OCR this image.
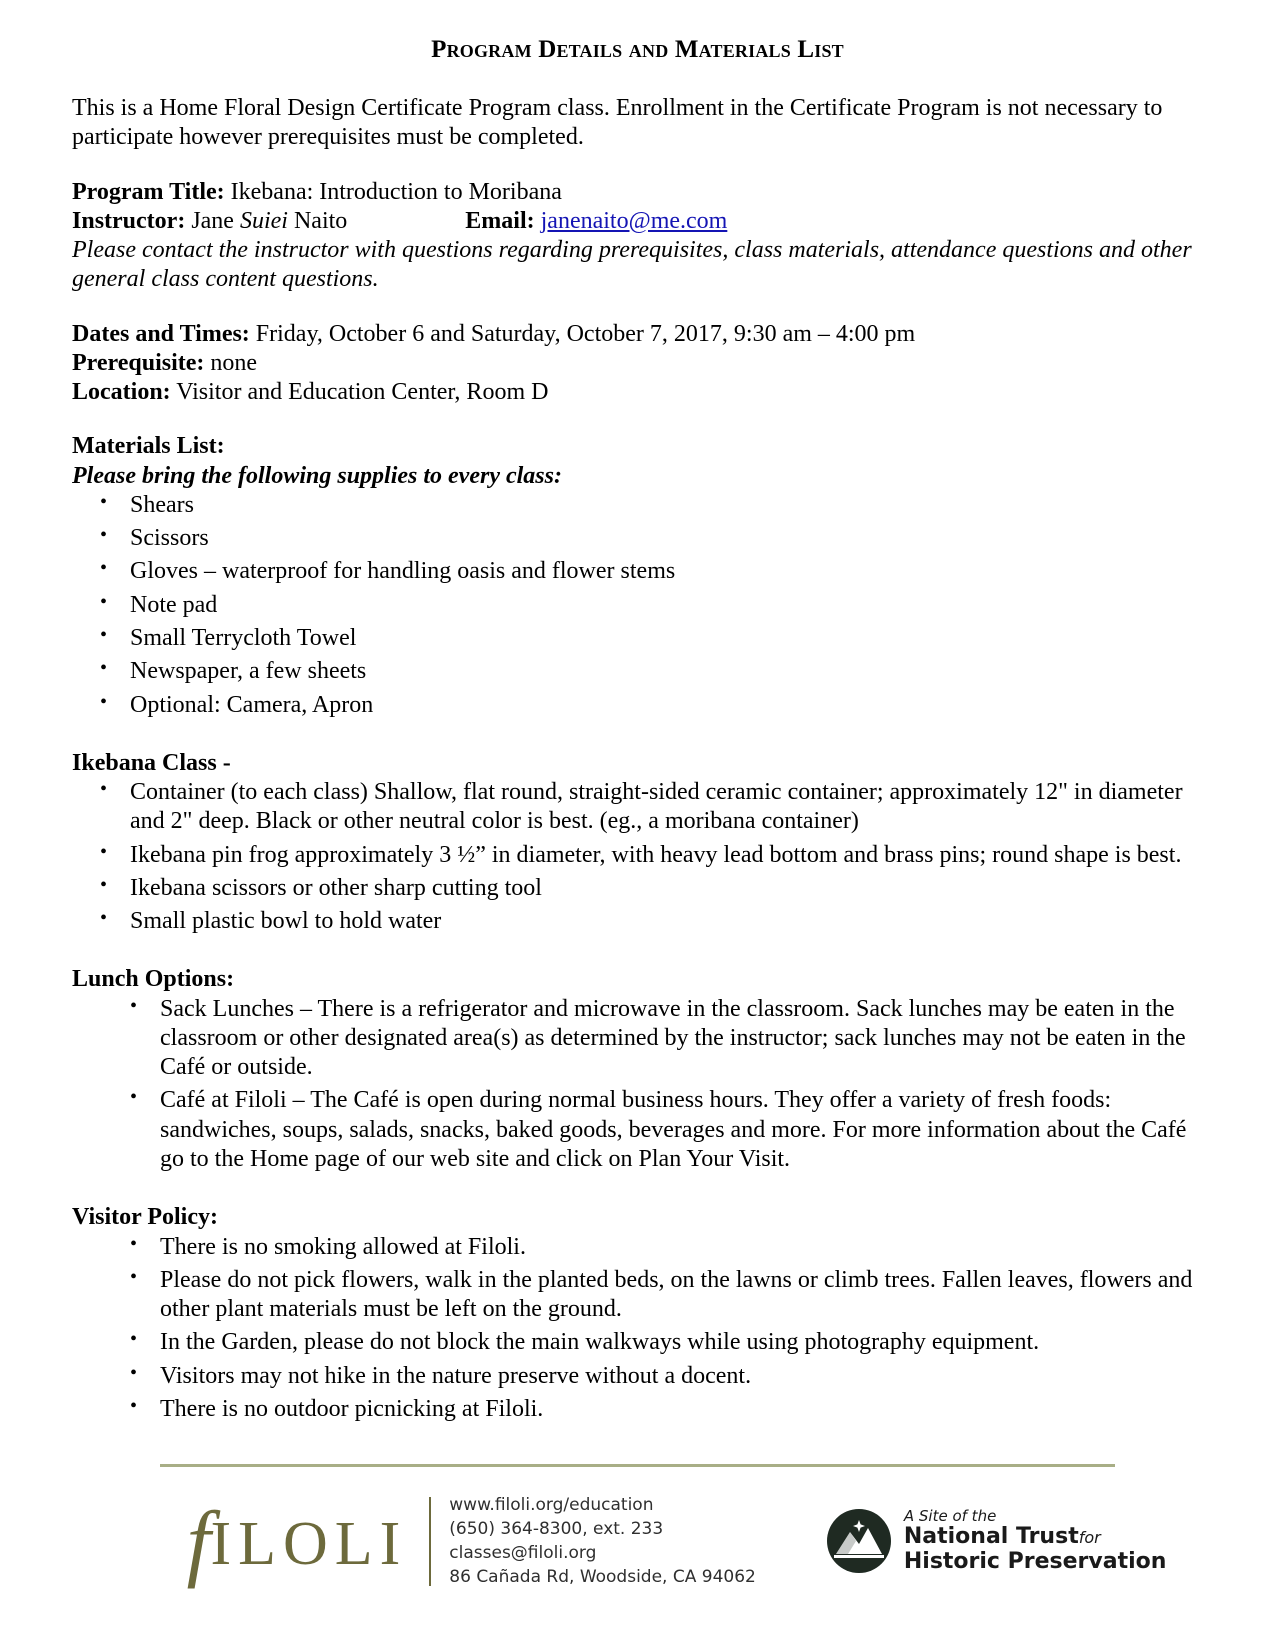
Program Details and Materials List

This is a Home Floral Design Certificate Program class. Enrollment in the Certificate Program is not necessary to participate however prerequisites must be completed.

Program Title: Ikebana: Introduction to Moribana

Instructor: Jane Suiei Naito	Email: janenaito@me.com

Please contact the instructor with questions regarding prerequisites, class materials, attendance questions and other general class content questions.

Dates and Times: Friday, October 6 and Saturday, October 7, 2017, 9:30 am – 4:00 pm

Prerequisite: none

Location: Visitor and Education Center, Room D

Materials List:

Please bring the following supplies to every class:

• Shears
• Scissors
• Gloves – waterproof for handling oasis and flower stems
• Note pad
• Small Terrycloth Towel
• Newspaper, a few sheets
• Optional: Camera, Apron

Ikebana Class -

• Container (to each class) Shallow, flat round, straight-sided ceramic container; approximately 12" in diameter and 2" deep. Black or other neutral color is best. (eg., a moribana container)
• Ikebana pin frog approximately 3 ½” in diameter, with heavy lead bottom and brass pins; round shape is best.
• Ikebana scissors or other sharp cutting tool
• Small plastic bowl to hold water

Lunch Options:

• Sack Lunches – There is a refrigerator and microwave in the classroom. Sack lunches may be eaten in the classroom or other designated area(s) as determined by the instructor; sack lunches may not be eaten in the Café or outside.
• Café at Filoli – The Café is open during normal business hours. They offer a variety of fresh foods: sandwiches, soups, salads, snacks, baked goods, beverages and more. For more information about the Café go to the Home page of our web site and click on Plan Your Visit.

Visitor Policy:

• There is no smoking allowed at Filoli.
• Please do not pick flowers, walk in the planted beds, on the lawns or climb trees. Fallen leaves, flowers and other plant materials must be left on the ground.
• In the Garden, please do not block the main walkways while using photography equipment.
• Visitors may not hike in the nature preserve without a docent.
• There is no outdoor picnicking at Filoli.
fILOLI
www.filoli.org/education
(650) 364-8300, ext. 233
classes@filoli.org
86 Cañada Rd, Woodside, CA 94062
A Site of the
National Trustfor
Historic Preservation
